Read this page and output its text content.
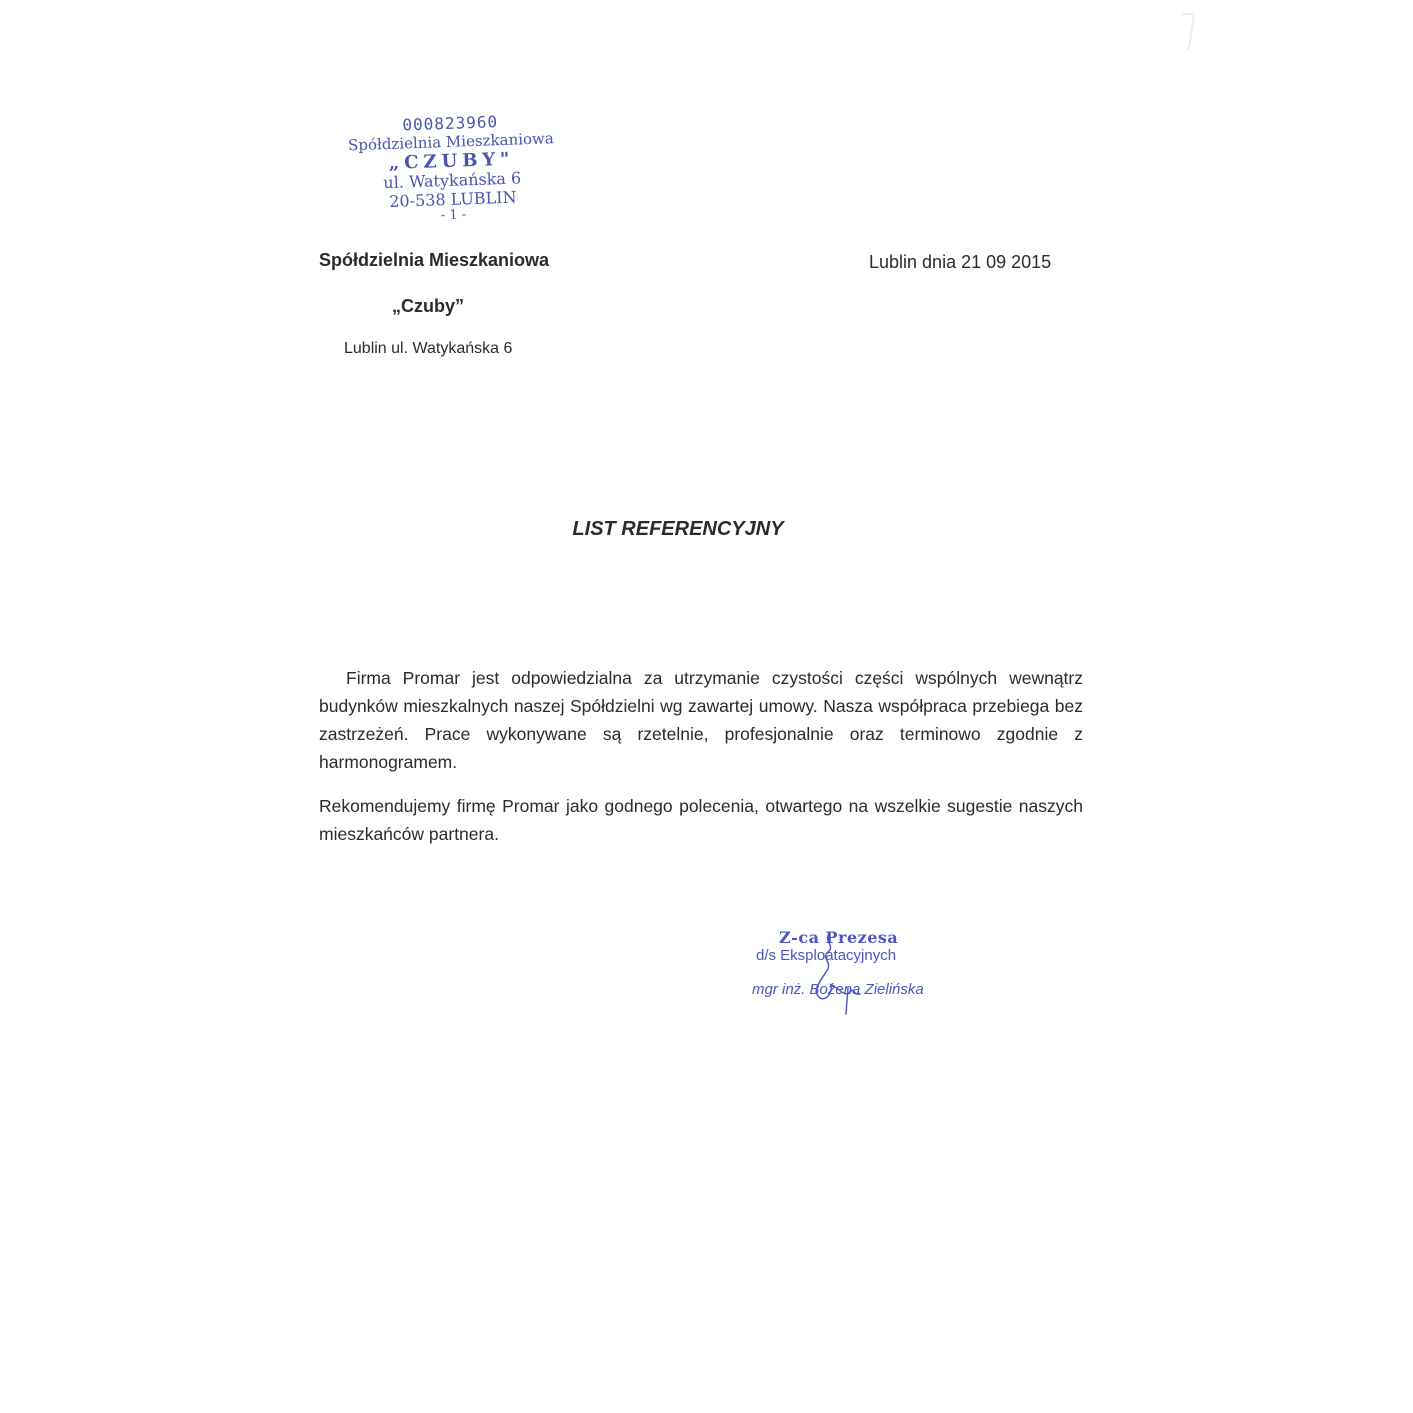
000823960
Spółdzielnia Mieszkaniowa
„CZUBY"
ul. Watykańska 6
20-538 LUBLIN
- 1 -
Spółdzielnia Mieszkaniowa
„Czuby”
Lublin ul. Watykańska 6
Lublin dnia 21 09 2015
LIST REFERENCYJNY

Firma Promar jest odpowiedzialna za utrzymanie czystości części wspólnych wewnątrz budynków mieszkalnych naszej Spółdzielni wg zawartej umowy. Nasza współpraca przebiega bez zastrzeżeń. Prace wykonywane są rzetelnie, profesjonalnie oraz terminowo zgodnie z harmonogramem.

Rekomendujemy firmę Promar jako godnego polecenia, otwartego na wszelkie sugestie naszych mieszkańców partnera.

Z-ca Prezesa
d/s Eksploatacyjnych
mgr inż. Bożena Zielińska
